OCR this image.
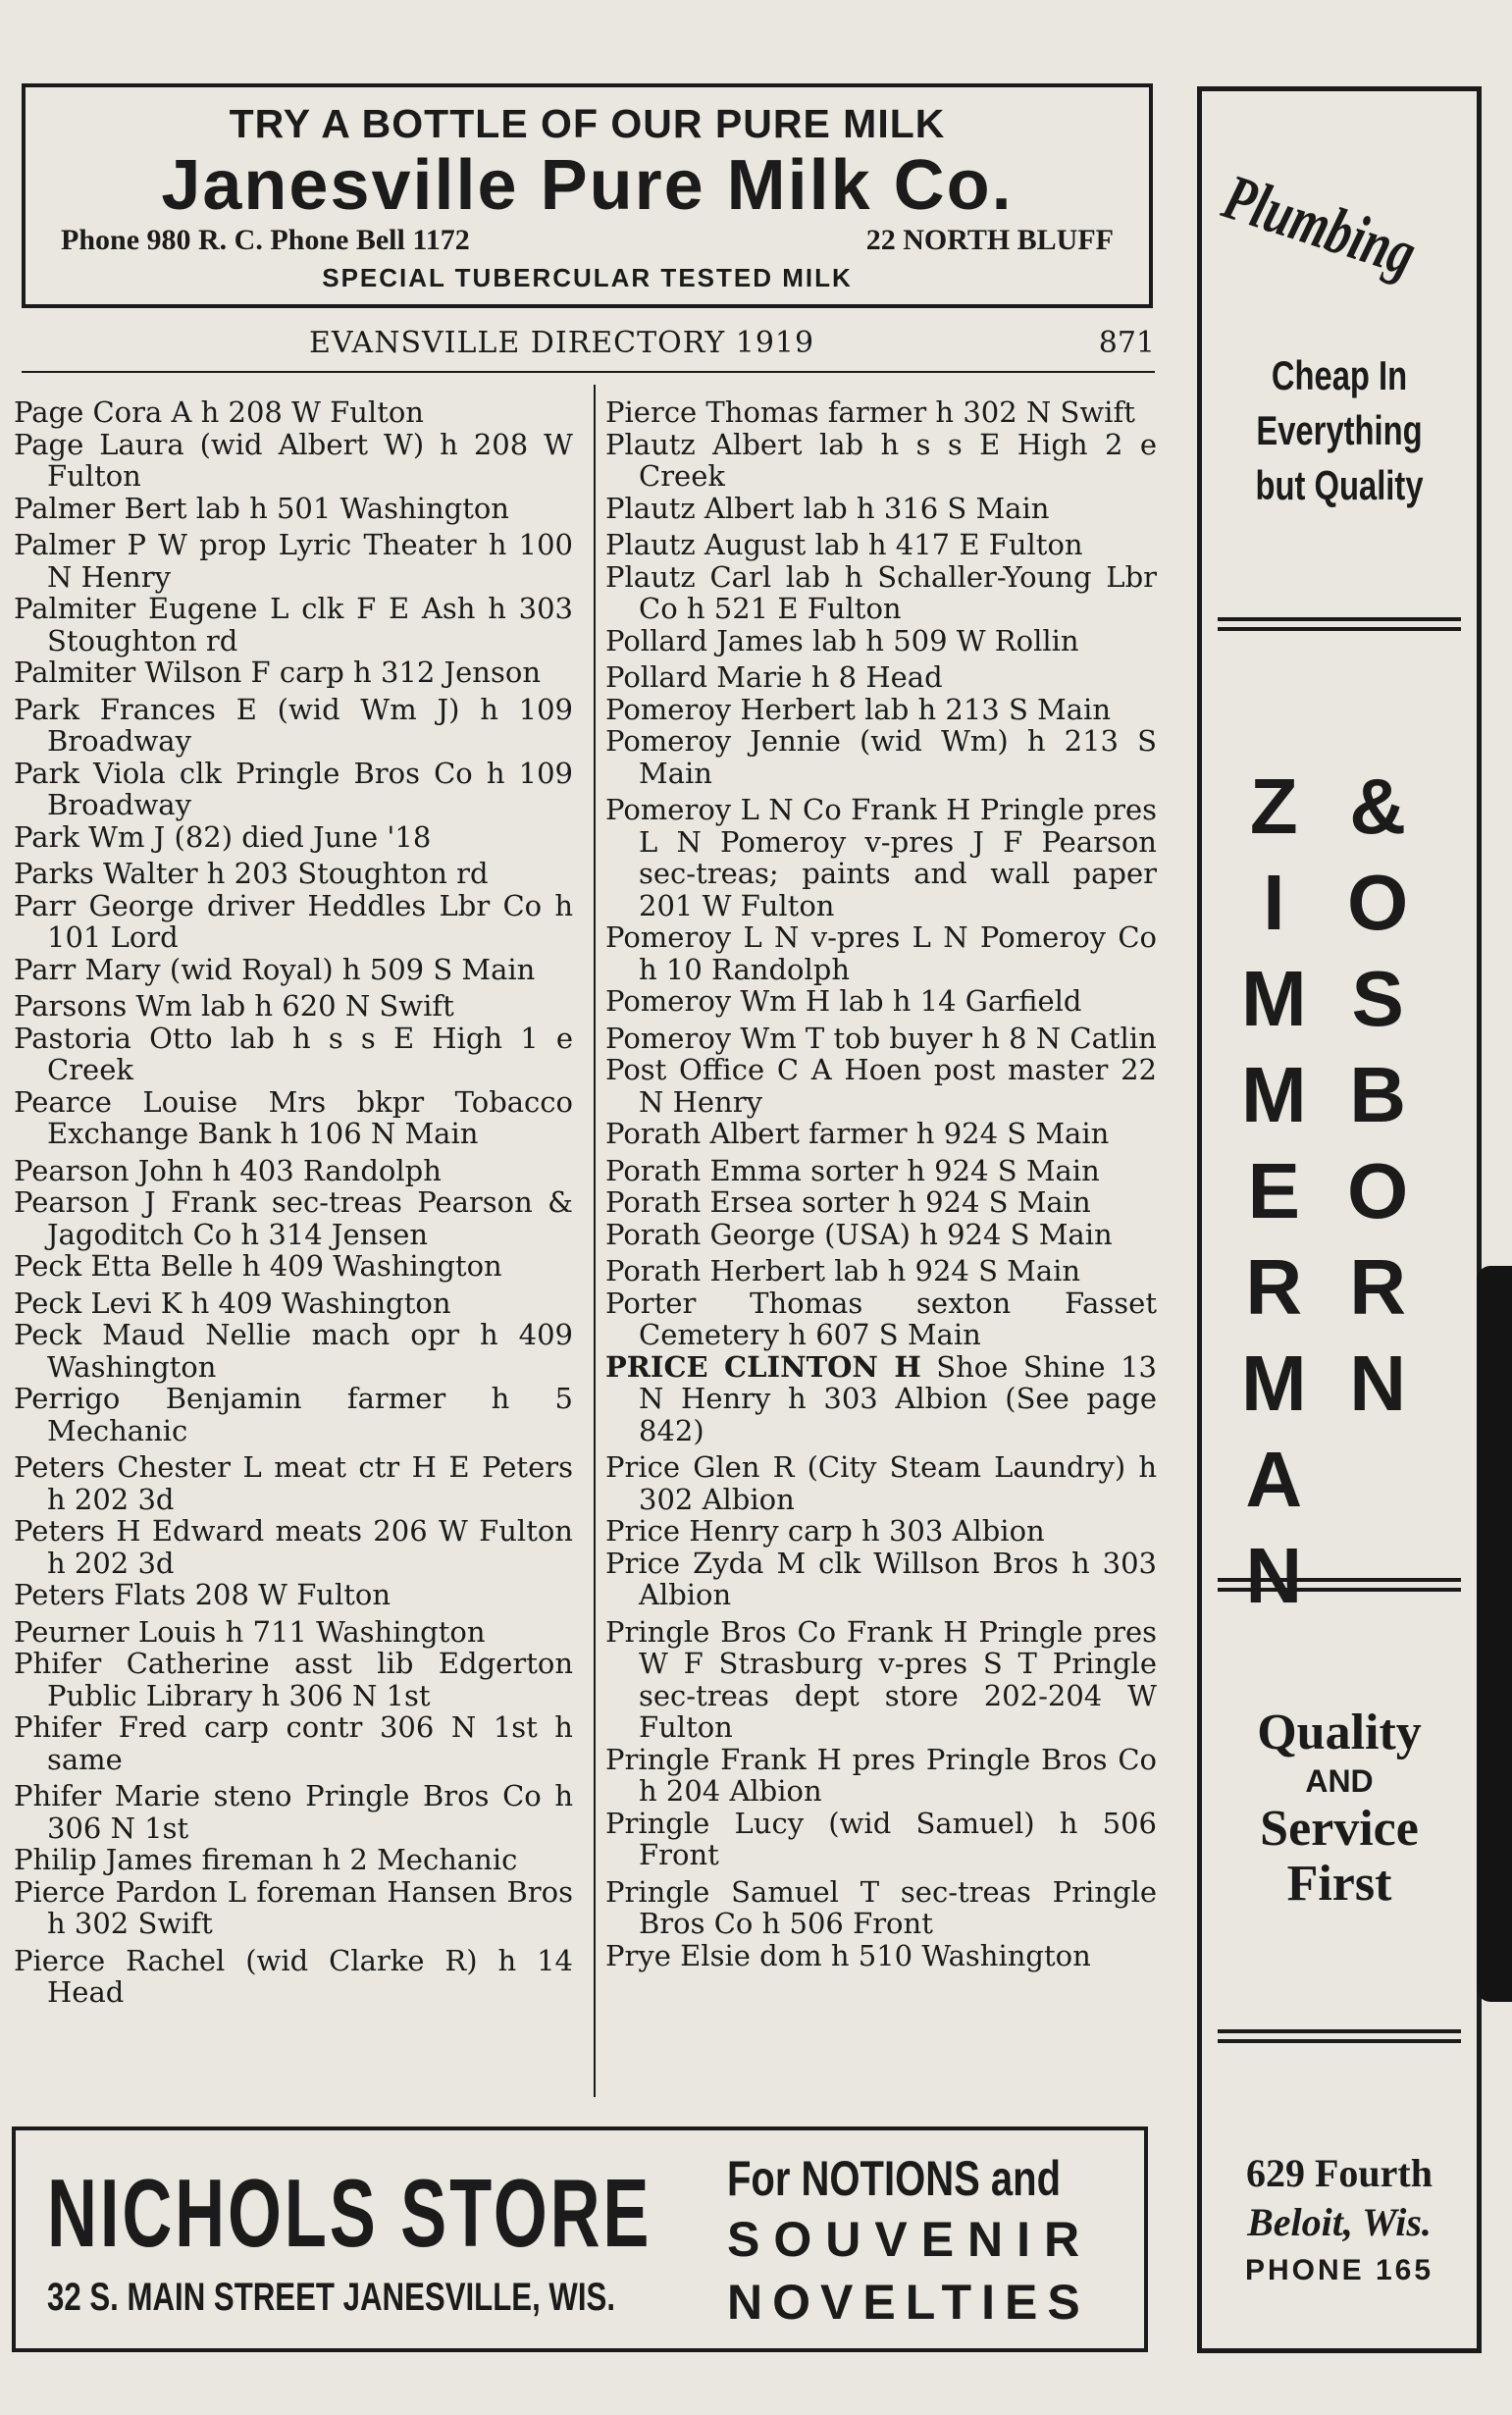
TRY A BOTTLE OF OUR PURE MILK
Janesville Pure Milk Co.
Phone 980 R. C. Phone Bell 1172	22 NORTH BLUFF
SPECIAL TUBERCULAR TESTED MILK
EVANSVILLE DIRECTORY 1919	871
Page Cora A h 208 W Fulton
Page Laura (wid Albert W) h 208 W Fulton
Palmer Bert lab h 501 Washington
Palmer P W prop Lyric Theater h 100 N Henry
Palmiter Eugene L clk F E Ash h 303 Stoughton rd
Palmiter Wilson F carp h 312 Jenson
Park Frances E (wid Wm J) h 109 Broadway
Park Viola clk Pringle Bros Co h 109 Broadway
Park Wm J (82) died June '18
Parks Walter h 203 Stoughton rd
Parr George driver Heddles Lbr Co h 101 Lord
Parr Mary (wid Royal) h 509 S Main
Parsons Wm lab h 620 N Swift
Pastoria Otto lab h s s E High 1 e Creek
Pearce Louise Mrs bkpr Tobacco Exchange Bank h 106 N Main
Pearson John h 403 Randolph
Pearson J Frank sec-treas Pearson & Jagoditch Co h 314 Jensen
Peck Etta Belle h 409 Washington
Peck Levi K h 409 Washington
Peck Maud Nellie mach opr h 409 Washington
Perrigo Benjamin farmer h 5 Mechanic
Peters Chester L meat ctr H E Peters h 202 3d
Peters H Edward meats 206 W Fulton h 202 3d
Peters Flats 208 W Fulton
Peurner Louis h 711 Washington
Phifer Catherine asst lib Edgerton Public Library h 306 N 1st
Phifer Fred carp contr 306 N 1st h same
Phifer Marie steno Pringle Bros Co h 306 N 1st
Philip James fireman h 2 Mechanic
Pierce Pardon L foreman Hansen Bros h 302 Swift
Pierce Rachel (wid Clarke R) h 14 Head
Pierce Thomas farmer h 302 N Swift
Plautz Albert lab h s s E High 2 e Creek
Plautz Albert lab h 316 S Main
Plautz August lab h 417 E Fulton
Plautz Carl lab h Schaller-Young Lbr Co h 521 E Fulton
Pollard James lab h 509 W Rollin
Pollard Marie h 8 Head
Pomeroy Herbert lab h 213 S Main
Pomeroy Jennie (wid Wm) h 213 S Main
Pomeroy L N Co Frank H Pringle pres L N Pomeroy v-pres J F Pearson sec-treas; paints and wall paper 201 W Fulton
Pomeroy L N v-pres L N Pomeroy Co h 10 Randolph
Pomeroy Wm H lab h 14 Garfield
Pomeroy Wm T tob buyer h 8 N Catlin
Post Office C A Hoen post master 22 N Henry
Porath Albert farmer h 924 S Main
Porath Emma sorter h 924 S Main
Porath Ersea sorter h 924 S Main
Porath George (USA) h 924 S Main
Porath Herbert lab h 924 S Main
Porter Thomas sexton Fasset Cemetery h 607 S Main
PRICE CLINTON H Shoe Shine 13 N Henry h 303 Albion (See page 842)
Price Glen R (City Steam Laundry) h 302 Albion
Price Henry carp h 303 Albion
Price Zyda M clk Willson Bros h 303 Albion
Pringle Bros Co Frank H Pringle pres W F Strasburg v-pres S T Pringle sec-treas dept store 202-204 W Fulton
Pringle Frank H pres Pringle Bros Co h 204 Albion
Pringle Lucy (wid Samuel) h 506 Front
Pringle Samuel T sec-treas Pringle Bros Co h 506 Front
Prye Elsie dom h 510 Washington
NICHOLS STORE
32 S. MAIN STREET JANESVILLE, WIS.
For NOTIONS and
SOUVENIR
NOVELTIES
Plumbing
Cheap In
Everything
but Quality
Z
I
M
M
E
R
M
A
N
&
O
S
B
O
R
N
Quality
AND
Service
First
629 Fourth
Beloit, Wis.
PHONE 165
